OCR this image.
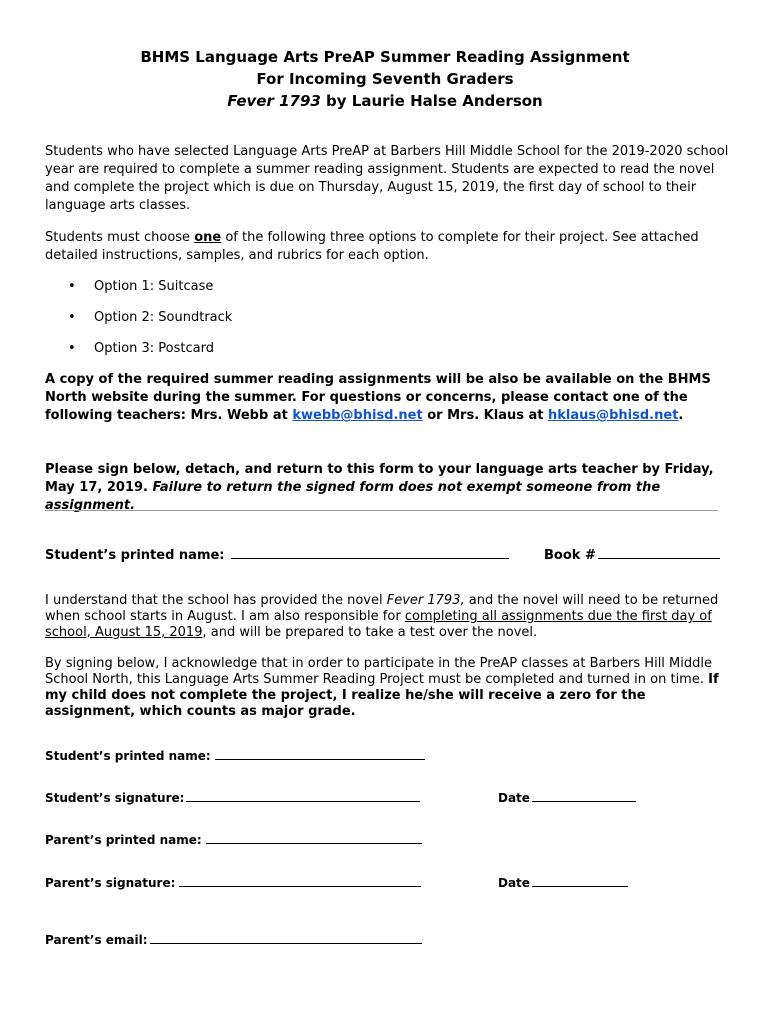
BHMS Language Arts PreAP Summer Reading Assignment
For Incoming Seventh Graders
Fever 1793 by Laurie Halse Anderson
Students who have selected Language Arts PreAP at Barbers Hill Middle School for the 2019-2020 school year are required to complete a summer reading assignment. Students are expected to read the novel and complete the project which is due on Thursday, August 15, 2019, the first day of school to their language arts classes.
Students must choose one of the following three options to complete for their project. See attached detailed instructions, samples, and rubrics for each option.
• Option 1: Suitcase
• Option 2: Soundtrack
• Option 3: Postcard
A copy of the required summer reading assignments will be also be available on the BHMS North website during the summer. For questions or concerns, please contact one of the following teachers: Mrs. Webb at kwebb@bhisd.net or Mrs. Klaus at hklaus@bhisd.net.
Please sign below, detach, and return to this form to your language arts teacher by Friday, May 17, 2019. Failure to return the signed form does not exempt someone from the assignment.
Student’s printed name:	Book #
I understand that the school has provided the novel Fever 1793, and the novel will need to be returned when school starts in August. I am also responsible for completing all assignments due the first day of school, August 15, 2019, and will be prepared to take a test over the novel.
By signing below, I acknowledge that in order to participate in the PreAP classes at Barbers Hill Middle School North, this Language Arts Summer Reading Project must be completed and turned in on time. If my child does not complete the project, I realize he/she will receive a zero for the assignment, which counts as major grade.
Student’s printed name:
Student’s signature:	Date
Parent’s printed name:
Parent’s signature:	Date
Parent’s email:
